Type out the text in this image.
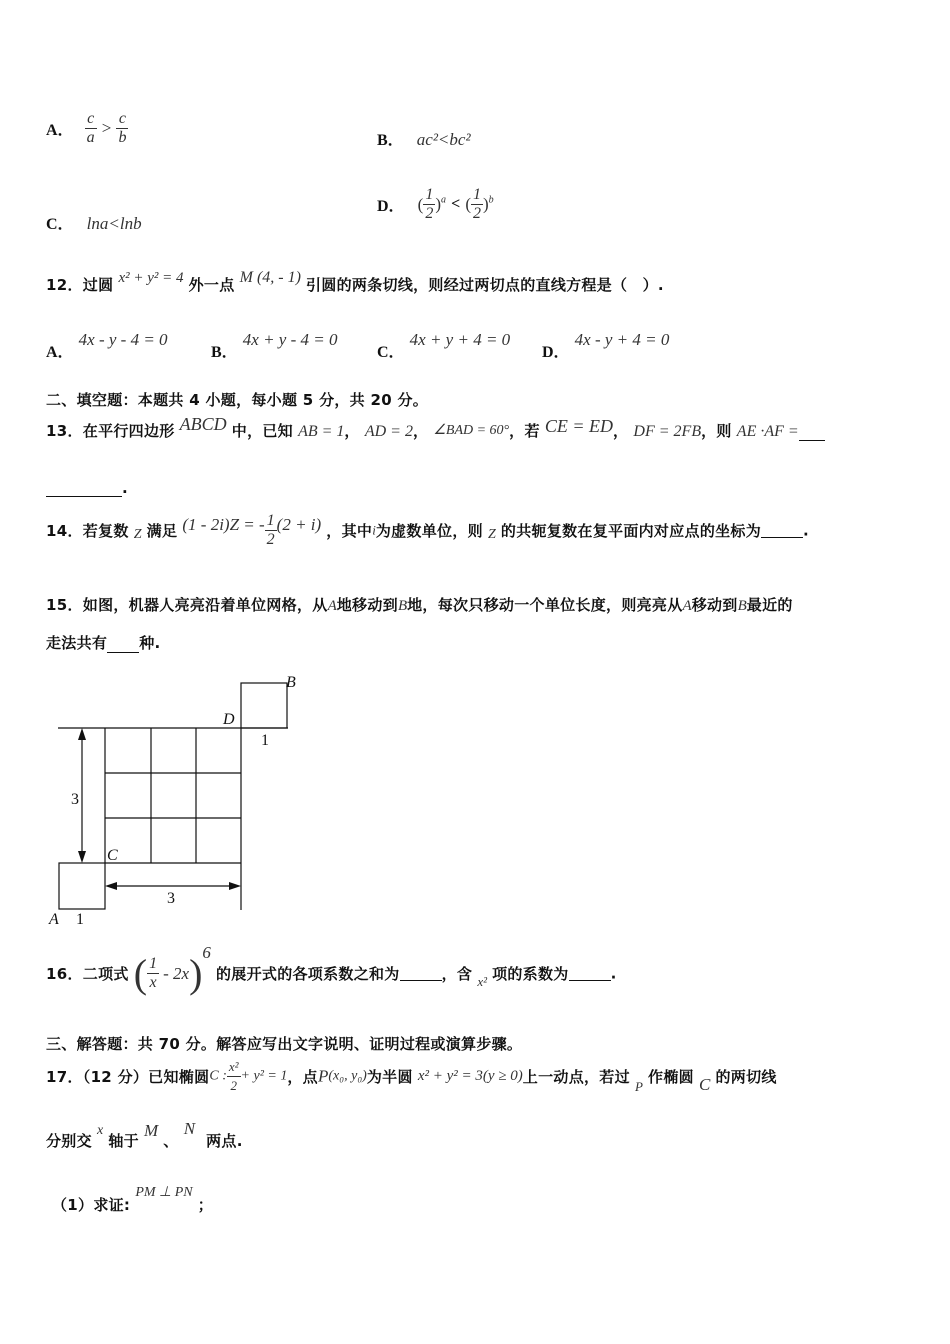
A． $\frac{c}{a} > \frac{c}{b}$	B． ac²<bc²
C． lna<lnb
D． ( $\frac{1}{2} )^a$ < ( $\frac{1}{2} )^b$
12．过圆 x² + y² = 4 外一点 M (4, - 1) 引圆的两条切线，则经过两切点的直线方程是（　）.
A． 4x - y - 4 = 0
B． 4x + y - 4 = 0
C． 4x + y + 4 = 0
D． 4x - y + 4 = 0
二、填空题：本题共 4 小题，每小题 5 分，共 20 分。
13．在平行四边形 ABCD 中，已知 AB = 1， AD = 2， ∠BAD = 60°，若 CE = ED， DF = 2FB，则 AE ·AF =
.
14．若复数 Z 满足 (1 - 2i)Z = - $\frac{1}{2} (2 + i)$ ，其中i为虚数单位，则 Z 的共轭复数在复平面内对应点的坐标为	.
15．如图，机器人亮亮沿着单位网格，从A地移动到B地，每次只移动一个单位长度，则亮亮从A移动到B最近的
走法共有 种.
B
D
1
3
C
3
A 1
16．二项式 ( $\frac{1}{x} - 2x)^6$ 的展开式的各项系数之和为	，含 $_{x^2}$ 项的系数为	.
三、解答题：共 70 分。解答应写出文字说明、证明过程或演算步骤。
17．（12 分）已知椭圆C : $\frac{\text{x²}}{2} + y^2 = 1$，点P(x₀, y₀)为半圆 x² + y² = 3(y ≥ 0)上一动点，若过 $_P$ 作椭圆 C 的两切线
分别交 x 轴于 M 、 N 两点.
（1）求证: PM ⊥ PN ；
